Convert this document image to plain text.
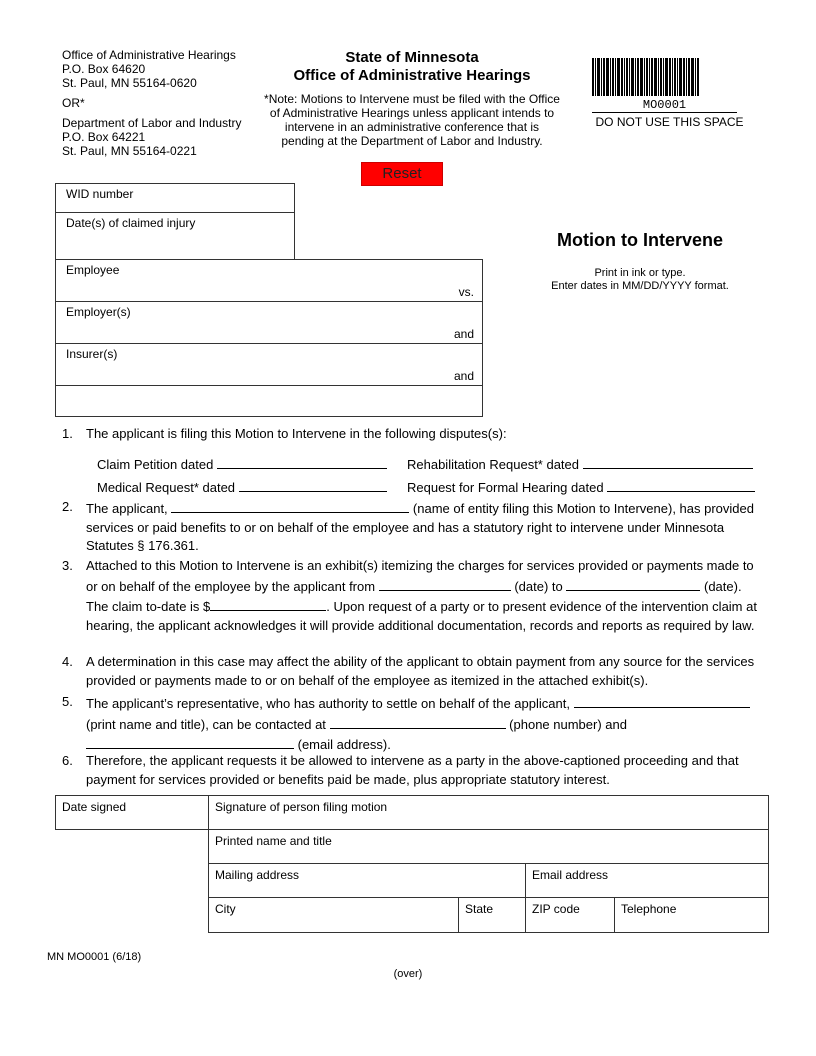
Office of Administrative Hearings
P.O. Box 64620
St. Paul, MN 55164-0620
OR*
Department of Labor and Industry
P.O. Box 64221
St. Paul, MN 55164-0221
State of Minnesota
Office of Administrative Hearings
*Note: Motions to Intervene must be filed with the Office of Administrative Hearings unless applicant intends to intervene in an administrative conference that is pending at the Department of Labor and Industry.
MO0001
DO NOT USE THIS SPACE
Reset
WID number
Date(s) of claimed injury
Employee
vs.
Employer(s)
and
Insurer(s)
and
Motion to Intervene
Print in ink or type.
Enter dates in MM/DD/YYYY format.
1. The applicant is filing this Motion to Intervene in the following disputes(s):
Claim Petition dated	Rehabilitation Request* dated
Medical Request* dated	Request for Formal Hearing dated
2. The applicant,	(name of entity filing this Motion to Intervene), has provided services or paid benefits to or on behalf of the employee and has a statutory right to intervene under Minnesota Statutes § 176.361.
3. Attached to this Motion to Intervene is an exhibit(s) itemizing the charges for services provided or payments made to or on behalf of the employee by the applicant from	(date) to	(date). The claim to-date is $	. Upon request of a party or to present evidence of the intervention claim at hearing, the applicant acknowledges it will provide additional documentation, records and reports as required by law.
4. A determination in this case may affect the ability of the applicant to obtain payment from any source for the services provided or payments made to or on behalf of the employee as itemized in the attached exhibit(s).
5. The applicant’s representative, who has authority to settle on behalf of the applicant,  (print name and title), can be contacted at	(phone number) and  (email address).
6. Therefore, the applicant requests it be allowed to intervene as a party in the above-captioned proceeding and that payment for services provided or benefits paid be made, plus appropriate statutory interest.
Date signed	Signature of person filing motion
Printed name and title
Mailing address	Email address
City	State	ZIP code	Telephone
MN MO0001 (6/18)
(over)
